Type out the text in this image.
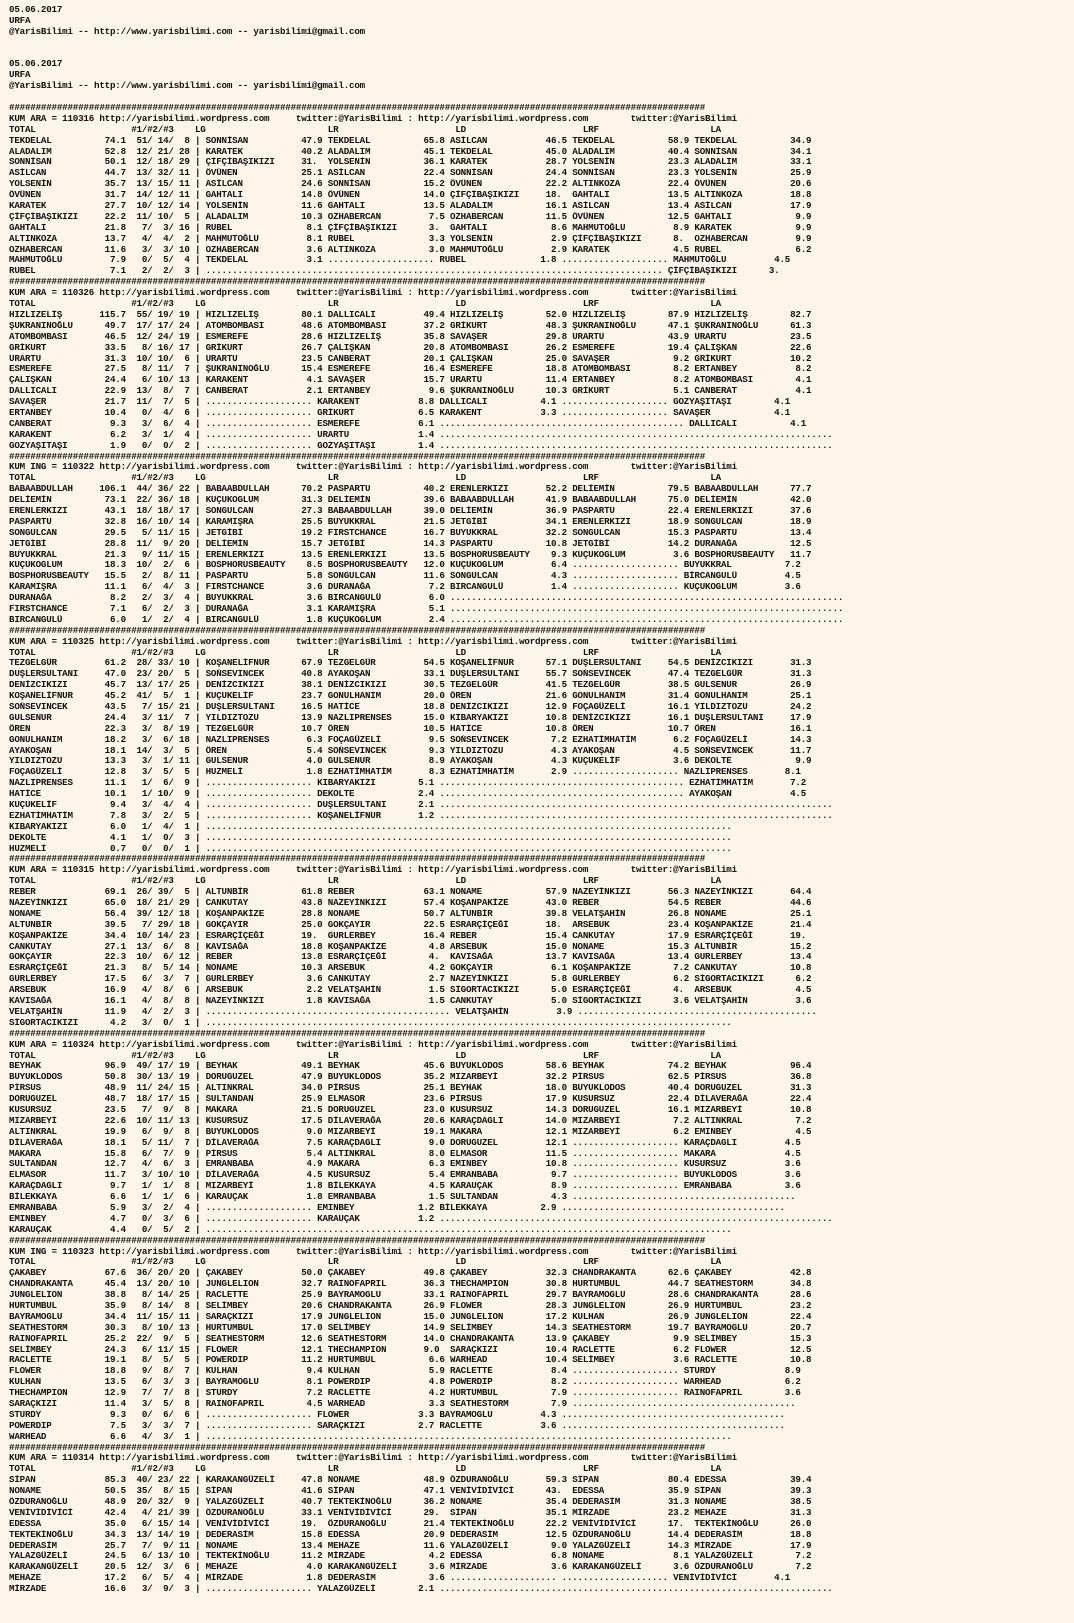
05.06.2017
URFA
@YarisBilimi -- http://www.yarisbilimi.com -- yarisbilimi@gmail.com

05.06.2017
URFA
@YarisBilimi -- http://www.yarisbilimi.com -- yarisbilimi@gmail.com

###################################################################################################################################
KUM ARA = 110316 http://yarisbilimi.wordpress.com     twitter:@YarisBilimi : http://yarisbilimi.wordpress.com        twitter:@YarisBilimi
TOTAL                  #1/#2/#3    LG                       LR                      LD                      LRF                     LA
TEKDELAL          74.1  51/ 14/  8 | SONNİSAN          47.9 TEKDELAL          65.8 ASİLCAN           46.5 TEKDELAL          58.9 TEKDELAL          34.9
ALADALIM          52.8  12/ 21/ 28 | KARATEK           40.2 ALADALIM          45.1 TEKDELAL          45.0 ALADALIM          40.4 SONNİSAN          34.1
SONNİSAN          50.1  12/ 18/ 29 | ÇİFÇİBAŞIKIZI     31.  YOLSENİN          36.1 KARATEK           28.7 YOLSENİN          23.3 ALADALIM          33.1
ASİLCAN           44.7  13/ 32/ 11 | ÖVÜNEN            25.1 ASİLCAN           22.4 SONNİSAN          24.4 SONNİSAN          23.3 YOLSENİN          25.9
YOLSENİN          35.7  13/ 15/ 11 | ASİLCAN           24.6 SONNİSAN          15.2 ÖVÜNEN            22.2 ALTINKOZA         22.4 ÖVÜNEN            20.6
ÖVÜNEN            31.7  14/ 12/ 11 | GAHTALI           14.8 ÖVÜNEN            14.0 ÇİFÇİBAŞIKIZI     18.  GAHTALI           13.5 ALTINKOZA         18.8
KARATEK           27.7  10/ 12/ 14 | YOLSENİN          11.6 GAHTALI           13.5 ALADALIM          16.1 ASİLCAN           13.4 ASİLCAN           17.9
ÇİFÇİBAŞIKIZI     22.2  11/ 10/  5 | ALADALIM          10.3 OZHABERCAN         7.5 OZHABERCAN        11.5 ÖVÜNEN            12.5 GAHTALI            9.9
GAHTALI           21.8   7/  3/ 16 | RUBEL              8.1 ÇİFÇİBAŞIKIZI      3.  GAHTALI            8.6 MAHMUTOĞLU         8.9 KARATEK            9.9
ALTINKOZA         13.7   4/  4/  2 | MAHMUTOĞLU         8.1 RUBEL              3.3 YOLSENİN           2.9 ÇİFÇİBAŞIKIZI      8.  OZHABERCAN         9.9
OZHABERCAN        11.6   3/  3/ 10 | OZHABERCAN         3.6 ALTINKOZA          3.0 MAHMUTOĞLU         2.9 KARATEK            4.5 RUBEL              6.2
MAHMUTOĞLU         7.9   0/  5/  4 | TEKDELAL           3.1 .................... RUBEL              1.8 .................... MAHMUTOĞLU         4.5
RUBEL              7.1   2/  2/  3 | ...................................................................................... ÇİFÇİBAŞIKIZI      3.
###################################################################################################################################
KUM ARA = 110326 http://yarisbilimi.wordpress.com     twitter:@YarisBilimi : http://yarisbilimi.wordpress.com        twitter:@YarisBilimi
TOTAL                  #1/#2/#3    LG                       LR                      LD                      LRF                     LA
HIZLIZELİŞ       115.7  55/ 19/ 19 | HIZLIZELİŞ        80.1 DALLICALI         49.4 HIZLIZELİŞ        52.0 HIZLIZELİŞ        87.9 HIZLIZELİŞ        82.7
ŞUKRANINOĞLU      49.7  17/ 17/ 24 | ATOMBOMBASI       48.6 ATOMBOMBASI       37.2 GRİKURT           48.3 ŞUKRANINOĞLU      47.1 ŞUKRANINOĞLU      61.3
ATOMBOMBASI       46.5  12/ 24/ 19 | ESMEREFE          28.6 HIZLIZELİŞ        35.8 SAVAŞER           29.8 URARTU            43.9 URARTU            23.5
GRİKURT           33.5   8/ 16/ 17 | GRİKURT           26.7 ÇALIŞKAN          20.8 ATOMBOMBASI       26.2 ESMEREFE          19.4 ÇALIŞKAN          22.6
URARTU            31.3  10/ 10/  6 | URARTU            23.5 CANBERAT          20.1 ÇALIŞKAN          25.0 SAVAŞER            9.2 GRİKURT           10.2
ESMEREFE          27.5   8/ 11/  7 | ŞUKRANINOĞLU      15.4 ESMEREFE          16.4 ESMEREFE          18.8 ATOMBOMBASI        8.2 ERTANBEY           8.2
ÇALIŞKAN          24.4   6/ 10/ 13 | KARAKENT           4.1 SAVAŞER           15.7 URARTU            11.4 ERTANBEY           8.2 ATOMBOMBASI        4.1
DALLICALI         22.9  13/  8/  7 | CANBERAT           2.1 ERTANBEY           9.6 ŞUKRANINOĞLU      10.3 GRİKURT            5.1 CANBERAT           4.1
SAVAŞER           21.7  11/  7/  5 | .................... KARAKENT           8.8 DALLICALI          4.1 .................... GOZYAŞITAŞI        4.1
ERTANBEY          10.4   0/  4/  6 | .................... GRİKURT            6.5 KARAKENT           3.3 .................... SAVAŞER            4.1
CANBERAT           9.3   3/  6/  4 | .................... ESMEREFE           6.1 .............................................. DALLICALI          4.1
KARAKENT           6.2   3/  1/  4 | .................... URARTU             1.4 ..........................................................................
GOZYAŞITAŞI        1.9   0/  0/  2 | .................... GOZYAŞITAŞI        1.4 ..........................................................................
###################################################################################################################################
KUM ING = 110322 http://yarisbilimi.wordpress.com     twitter:@YarisBilimi : http://yarisbilimi.wordpress.com        twitter:@YarisBilimi
TOTAL                  #1/#2/#3    LG                       LR                      LD                      LRF                     LA
BABAABDULLAH     106.1  44/ 36/ 22 | BABAABDULLAH      70.2 PASPARTU          40.2 ERENLERKIZI       52.2 DELİEMİN          79.5 BABAABDULLAH      77.7
DELİEMİN          73.1  22/ 36/ 18 | KUÇUKOGLUM        31.3 DELİEMİN          39.6 BABAABDULLAH      41.9 BABAABDULLAH      75.0 DELİEMİN          42.0
ERENLERKIZI       43.1  18/ 18/ 17 | SONGULCAN         27.3 BABAABDULLAH      39.0 DELİEMİN          36.9 PASPARTU          22.4 ERENLERKIZI       37.6
PASPARTU          32.8  16/ 10/ 14 | KARAMIŞRA         25.5 BUYUKKRAL         21.5 JETGİBİ           34.1 ERENLERKIZI       18.9 SONGULCAN         18.9
SONGULCAN         29.5   5/ 11/ 15 | JETGİBİ           19.2 FIRSTCHANCE       16.7 BUYUKKRAL         32.2 SONGULCAN         15.3 PASPARTU          13.4
JETGİBİ           28.8  11/  9/ 20 | DELİEMİN          15.7 JETGİBİ           14.3 PASPARTU          10.8 JETGİBİ           14.2 DURANAĞA          12.5
BUYUKKRAL         21.3   9/ 11/ 15 | ERENLERKIZI       13.5 ERENLERKIZI       13.5 BOSPHORUSBEAUTY    9.3 KUÇUKOGLUM         3.6 BOSPHORUSBEAUTY   11.7
KUÇUKOGLUM        18.3  10/  2/  6 | BOSPHORUSBEAUTY    8.5 BOSPHORUSBEAUTY   12.0 KUÇUKOGLUM         6.4 .................... BUYUKKRAL          7.2
BOSPHORUSBEAUTY   15.5   2/  8/ 11 | PASPARTU           5.8 SONGULCAN         11.6 SONGULCAN          4.3 .................... BİRCANGULÜ         4.5
KARAMIŞRA         11.1   6/  4/  3 | FIRSTCHANCE        3.6 DURANAĞA           7.2 BIRCANGULÜ         1.4 .................... KUÇUKOGLUM         3.6
DURANAĞA           8.2   2/  3/  4 | BUYUKKRAL          3.6 BIRCANGULÜ         6.0 ..........................................................................
FIRSTCHANCE        7.1   6/  2/  3 | DURANAĞA           3.1 KARAMIŞRA          5.1 ..........................................................................
BIRCANGULÜ         6.0   1/  2/  4 | BIRCANGULÜ         1.8 KUÇUKOGLUM         2.4 ..........................................................................
###################################################################################################################################
KUM ARA = 110325 http://yarisbilimi.wordpress.com     twitter:@YarisBilimi : http://yarisbilimi.wordpress.com        twitter:@YarisBilimi
TOTAL                  #1/#2/#3    LG                       LR                      LD                      LRF                     LA
TEZGELGÜR         61.2  28/ 33/ 10 | KOŞANELİFNUR      67.9 TEZGELGÜR         54.5 KOŞANELİFNUR      57.1 DUŞLERSULTANI     54.5 DENİZCIKIZI       31.3
DUŞLERSULTANI     47.0  23/ 20/  5 | SOŇSEVINCEK       40.8 AYAKOŞAN          33.1 DUŞLERSULTANI     55.7 SOŇSEVINCEK       47.4 TEZGELGÜR         31.3
DENİZCIKIZI       45.7  13/ 17/ 25 | DENİZCIKIZI       38.1 DENİZCIKIZI       30.5 TEZGELGÜR         41.5 TEZGELGÜR         38.5 GULSENUR          26.9
KOŞANELİFNUR      45.2  41/  5/  1 | KUÇUKELİF         23.7 GONULHANIM        20.0 ÖREN              21.6 GONULHANIM        31.4 GONULHANIM        25.1
SOŇSEVINCEK       43.5   7/ 15/ 21 | DUŞLERSULTANI     16.5 HATİCE            18.8 DENİZCIKIZI       12.9 FOÇAGÜZELİ        16.1 YILDIZTOZU        24.2
GULSENUR          24.4   3/ 11/  7 | YILDIZTOZU        13.9 NAZLIPRENSES      15.0 KIBARYAKIZI       10.8 DENİZCIKIZI       16.1 DUŞLERSULTANI     17.9
ÖREN              22.3   3/  8/ 19 | TEZGELGÜR         10.7 ÖREN              10.5 HATİCE            10.8 ÖREN              10.7 ÖREN              16.1
GONULHANIM        18.2   3/  6/ 18 | NAZLIPRENSES       6.3 FOÇAGÜZELİ         9.5 SOŇSEVINCEK        7.2 EZHATİMHATİM       6.2 FOÇAGÜZELİ        14.3
AYAKOŞAN          18.1  14/  3/  5 | ÖREN               5.4 SOŇSEVINCEK        9.3 YILDIZTOZU         4.3 AYAKOŞAN           4.5 SOŇSEVINCEK       11.7
YILDIZTOZU        13.3   3/  1/ 11 | GULSENUR           4.0 GULSENUR           8.9 AYAKOŞAN           4.3 KUÇUKELİF          3.6 DEKOLTE            9.9
FOÇAGÜZELİ        12.8   3/  5/  5 | HUZMELİ            1.8 EZHATİMHATİM       8.3 EZHATİMHATİM       2.9 .................... NAZLIPRENSES       8.1
NAZLIPRENSES      11.1   1/  6/  9 | .................... KIBARYAKIZI        5.1 .............................................. EZHATİMHATİM       7.2
HATİCE            10.1   1/ 10/  9 | .................... DEKOLTE            2.4 .............................................. AYAKOŞAN           4.5
KUÇUKELİF          9.4   3/  4/  4 | .................... DUŞLERSULTANI      2.1 ..........................................................................
EZHATİMHATİM       7.8   3/  2/  5 | .................... KOŞANELİFNUR       1.2 ..........................................................................
KIBARYAKIZI        6.0   1/  4/  1 | ...................................................................................................
DEKOLTE            4.1   1/  0/  3 | ...................................................................................................
HUZMELİ            0.7   0/  0/  1 | ...................................................................................................
###################################################################################################################################
KUM ARA = 110315 http://yarisbilimi.wordpress.com     twitter:@YarisBilimi : http://yarisbilimi.wordpress.com        twitter:@YarisBilimi
TOTAL                  #1/#2/#3    LG                       LR                      LD                      LRF                     LA
REBER             69.1  26/ 39/  5 | ALTUNBİR          61.8 REBER             63.1 NONAME            57.9 NAZEYİNKIZI       56.3 NAZEYİNKIZI       64.4
NAZEYİNKIZI       65.0  18/ 21/ 29 | CANKUTAY          43.8 NAZEYİNKIZI       57.4 KOŞANPAKİZE       43.0 REBER             54.5 REBER             44.6
NONAME            56.4  39/ 12/ 18 | KOŞANPAKİZE       28.8 NONAME            50.7 ALTUNBİR          39.8 VELATŞAHİN        26.8 NONAME            25.1
ALTUNBİR          39.5   7/ 29/ 18 | GOKÇAYIR          25.0 GOKÇAYIR          22.5 ESRARÇİÇEĞİ       18.  ARSEBUK           23.4 KOŞANPAKİZE       21.4
KOŞANPAKİZE       34.4  10/ 14/ 23 | ESRARÇİÇEĞİ       19.  GURLERBEY         16.4 REBER             15.4 CANKUTAY          17.9 ESRARÇİÇEĞİ       19.
CANKUTAY          27.1  13/  6/  8 | KAVISAĞA          18.8 KOŞANPAKİZE        4.8 ARSEBUK           15.0 NONAME            15.3 ALTUNBİR          15.2
GOKÇAYIR          22.3  10/  6/ 12 | REBER             13.8 ESRARÇİÇEĞİ        4.  KAVISAĞA          13.7 KAVISAĞA          13.4 GURLERBEY         13.4
ESRARÇİÇEĞİ       21.3   8/  5/ 14 | NONAME            10.3 ARSEBUK            4.2 GOKÇAYIR           6.1 KOŞANPAKİZE        7.2 CANKUTAY          10.8
GURLERBEY         17.5   6/  3/  7 | GURLERBEY          3.6 CANKUTAY           2.7 NAZEYİNKIZI        5.8 GURLERBEY          6.2 SİGORTACIKIZI      6.2
ARSEBUK           16.9   4/  8/  6 | ARSEBUK            2.2 VELATŞAHİN         1.5 SİGORTACIKIZI      5.0 ESRARÇİÇEĞİ        4.  ARSEBUK            4.5
KAVISAĞA          16.1   4/  8/  8 | NAZEYİNKIZI        1.8 KAVISAĞA           1.5 CANKUTAY           5.0 SİGORTACIKIZI      3.6 VELATŞAHİN         3.6
VELATŞAHİN        11.9   4/  2/  3 | .............................................. VELATŞAHİN         3.9 .............................................
SİGORTACIKIZI      4.2   3/  0/  1 | ...................................................................................................
###################################################################################################################################
KUM ARA = 110324 http://yarisbilimi.wordpress.com     twitter:@YarisBilimi : http://yarisbilimi.wordpress.com        twitter:@YarisBilimi
TOTAL                  #1/#2/#3    LG                       LR                      LD                      LRF                     LA
BEYHAK            96.9  49/ 17/ 19 | BEYHAK            49.1 BEYHAK            45.6 BUYUKLODOS        58.6 BEYHAK            74.2 BEYHAK            96.4
BUYUKLODOS        50.8  30/ 13/ 19 | DORUGUZEL         47.9 BUYUKLODOS        35.2 MIZARBEYİ         32.2 PİRSUS            62.5 PİRSUS            36.8
PİRSUS            48.9  11/ 24/ 15 | ALTINKRAL         34.0 PİRSUS            25.1 BEYHAK            18.0 BUYUKLODOS        40.4 DORUGUZEL         31.3
DORUGUZEL         48.7  18/ 17/ 15 | SULTANDAN         25.9 ELMASOR           23.6 PİRSUS            17.9 KUSURSUZ          22.4 DİLAVERAĞA        22.4
KUSURSUZ          23.5   7/  9/  8 | MAKARA            21.5 DORUGUZEL         23.0 KUSURSUZ          14.3 DORUGUZEL         16.1 MIZARBEYİ         10.8
MIZARBEYİ         22.6  10/ 11/ 13 | KUSURSUZ          17.5 DİLAVERAĞA        20.6 KARAÇDAGLI        14.0 MIZARBEYİ          7.2 ALTINKRAL          7.2
ALTINKRAL         19.9   6/  9/  8 | BUYUKLODOS         9.0 MIZARBEYİ         19.1 MAKARA            12.1 MIZARBEYİ          6.2 EMINBEY            4.5
DİLAVERAĞA        18.1   5/ 11/  7 | DİLAVERAĞA         7.5 KARAÇDAGLI         9.0 DORUGUZEL         12.1 .................... KARAÇDAGLI         4.5
MAKARA            15.8   6/  7/  9 | PİRSUS             5.4 ALTINKRAL          8.0 ELMASOR           11.5 .................... MAKARA             4.5
SULTANDAN         12.7   4/  6/  3 | EMRANBABA          4.9 MAKARA             6.3 EMINBEY           10.8 .................... KUSURSUZ           3.6
ELMASOR           11.7   3/ 10/ 10 | DİLAVERAĞA         4.5 KUSURSUZ           5.4 EMRANBABA          9.7 .................... BUYUKLODOS         3.6
KARAÇDAGLI         9.7   1/  1/  8 | MIZARBEYİ          1.8 BİLEKKAYA          4.5 KARAUÇAK           8.9 .................... EMRANBABA          3.6
BİLEKKAYA          6.6   1/  1/  6 | KARAUÇAK           1.8 EMRANBABA          1.5 SULTANDAN          4.3 ..........................................
EMRANBABA          5.9   3/  2/  4 | .................... EMINBEY            1.2 BİLEKKAYA          2.9 ..........................................
EMINBEY            4.7   0/  3/  6 | .................... KARAUÇAK           1.2 ..........................................................................
KARAUÇAK           4.4   0/  5/  2 | ...................................................................................................
###################################################################################################################################
KUM ING = 110323 http://yarisbilimi.wordpress.com     twitter:@YarisBilimi : http://yarisbilimi.wordpress.com        twitter:@YarisBilimi
TOTAL                  #1/#2/#3    LG                       LR                      LD                      LRF                     LA
ÇAKABEY           67.6  36/ 20/ 20 | ÇAKABEY           50.0 ÇAKABEY           49.8 ÇAKABEY           32.3 CHANDRAKANTA      62.6 ÇAKABEY           42.8
CHANDRAKANTA      45.4  13/ 20/ 10 | JUNGLELION        32.7 RAINOFAPRIL       36.3 THECHAMPION       30.8 HURTUMBUL         44.7 SEATHESTORM       34.8
JUNGLELION        38.8   8/ 14/ 25 | RACLETTE          25.9 BAYRAMOGLU        33.1 RAINOFAPRIL       29.7 BAYRAMOGLU        28.6 CHANDRAKANTA      28.6
HURTUMBUL         35.9   8/ 14/  8 | SELİMBEY          20.6 CHANDRAKANTA      26.9 FLOWER            28.3 JUNGLELION        26.9 HURTUMBUL         23.2
BAYRAMOGLU        34.4  11/ 15/ 11 | SARAÇKIZI         17.9 JUNGLELION        15.0 JUNGLELION        17.2 KULHAN            26.9 JUNGLELION        22.4
SEATHESTORM       30.3   8/ 10/ 13 | HURTUMBUL         17.0 SELİMBEY          14.9 SELİMBEY          14.3 SEATHESTORM       19.7 BAYRAMOGLU        20.7
RAINOFAPRIL       25.2  22/  9/  5 | SEATHESTORM       12.6 SEATHESTORM       14.0 CHANDRAKANTA      13.9 ÇAKABEY            9.9 SELİMBEY          15.3
SELİMBEY          24.3   6/ 11/ 15 | FLOWER            12.1 THECHAMPION       9.0  SARAÇKIZI         10.4 RACLETTE           6.2 FLOWER            12.5
RACLETTE          19.1   8/  5/  5 | POWERDIP          11.2 HURTUMBUL          6.6 WARHEAD           10.4 SELİMBEY           3.6 RACLETTE          10.8
FLOWER            18.8   9/  8/  7 | KULHAN             9.4 KULHAN             5.9 RACLETTE           8.4 .................... STURDY             8.9
KULHAN            13.5   6/  3/  3 | BAYRAMOGLU         8.1 POWERDIP           4.8 POWERDIP           8.2 .................... WARHEAD            6.2
THECHAMPION       12.9   7/  7/  8 | STURDY             7.2 RACLETTE           4.2 HURTUMBUL          7.9 .................... RAINOFAPRIL        3.6
SARAÇKIZI         11.4   3/  5/  8 | RAINOFAPRIL        4.5 WARHEAD            3.3 SEATHESTORM        7.9 ..........................................
STURDY             9.3   0/  6/  6 | .................... FLOWER             3.3 BAYRAMOGLU         4.3 ..........................................
POWERDIP           7.5   3/  3/  7 | .................... SARAÇKIZI          2.7 RACLETTE           3.6 ..........................................
WARHEAD            6.6   4/  3/  1 | ...................................................................................................
###################################################################################################################################
KUM ARA = 110314 http://yarisbilimi.wordpress.com     twitter:@YarisBilimi : http://yarisbilimi.wordpress.com        twitter:@YarisBilimi
TOTAL                  #1/#2/#3    LG                       LR                      LD                      LRF                     LA
SİPAN             85.3  40/ 23/ 22 | KARAKANGÜZELİ     47.8 NONAME            48.9 ÖZDURANOĞLU       59.3 SİPAN             80.4 EDESSA            39.4
NONAME            50.5  35/  8/ 15 | SİPAN             41.6 SİPAN             47.1 VENİVİDİVİCİ      43.  EDESSA            35.9 SİPAN             39.3
ÖZDURANOĞLU       48.9  20/ 32/  9 | YALAZGÜZELİ       40.7 TEKTEKİNOĞLU      36.2 NONAME            35.4 DEDERASİM         31.3 NONAME            38.5
VENİVİDİVİCİ      42.4   4/ 21/ 39 | ÖZDURANOĞLU       33.1 VENİVİDİVİCİ      29.  SİPAN             35.1 MİRZADE           23.2 MEHAZE            31.3
EDESSA            35.0   6/ 15/ 14 | VENİVİDİVİCİ      19.  ÖZDURANOĞLU       21.4 TEKTEKİNOĞLU      22.2 VENİVİDİVİCİ      17.  TEKTEKİNOĞLU      26.0
TEKTEKİNOĞLU      34.3  13/ 14/ 19 | DEDERASİM         15.8 EDESSA            20.9 DEDERASİM         12.5 ÖZDURANOĞLU       14.4 DEDERASİM         18.8
DEDERASİM         25.7   7/  9/ 11 | NONAME            13.4 MEHAZE            11.6 YALAZGÜZELİ        9.0 YALAZGÜZELİ       14.3 MİRZADE           17.9
YALAZGÜZELİ       24.5   6/ 13/ 10 | TEKTEKİNOĞLU      11.2 MİRZADE            4.2 EDESSA             6.8 NONAME             8.1 YALAZGÜZELİ        7.2
KARAKANGÜZELİ     20.5  12/  3/  6 | MEHAZE             4.0 KARAKANGÜZELİ      3.6 MİRZADE            3.6 KARAKANGÜZELİ      3.6 ÖZDURANOĞLU        7.2
MEHAZE            17.2   6/  5/  4 | MİRZADE            1.8 DEDERASİM          3.6 .................... .................... VENİVİDİVİCİ       4.1
MİRZADE           16.6   3/  9/  3 | .................... YALAZGÜZELİ        2.1 ..........................................................................
